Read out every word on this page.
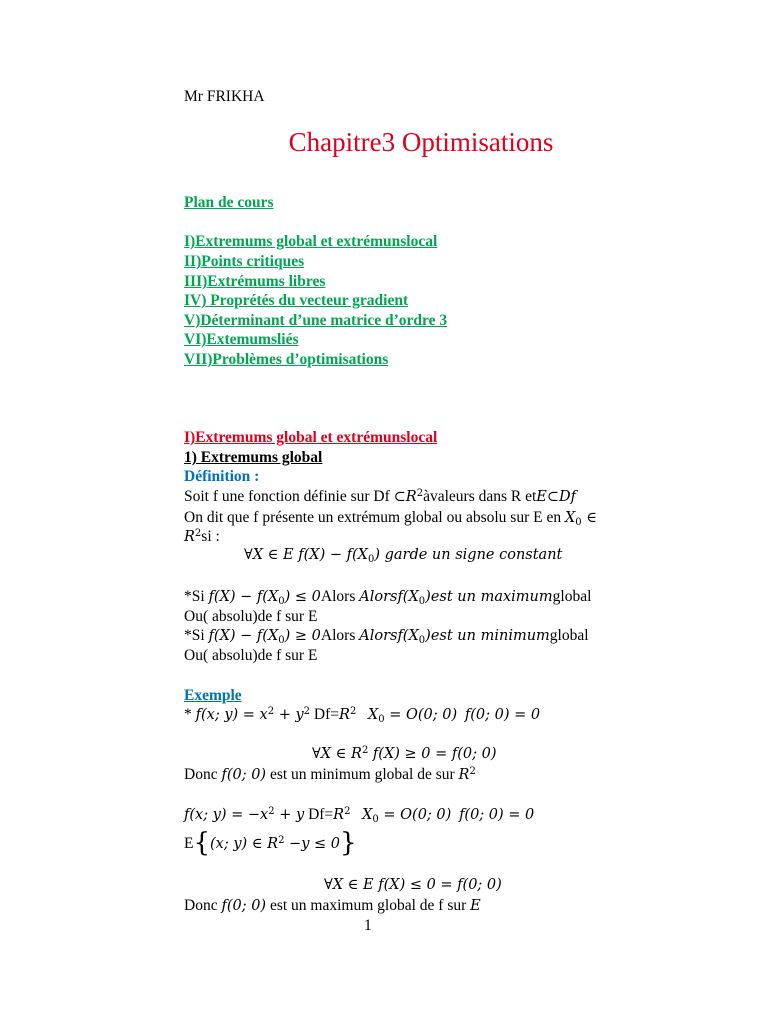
Mr FRIKHA
Chapitre3 Optimisations
Plan de cours
I)Extremums global et extrémunslocal
II)Points critiques
III)Extrémums libres
IV) Proprétés du vecteur gradient
V)Déterminant d’une matrice d’ordre 3
VI)Extemumsliés
VII)Problèmes d’optimisations
I)Extremums global et extrémunslocal
1) Extremums global
Définition :
Soit f une fonction définie sur Df $\subset R^2àvaleurs$ dans R etE⊂Df
On dit que f présente un extrémum global ou absolu sur E en $X_0$ ∈
$R^2si$ :
∀X ∈ E $f(X) - f(X_0)$ garde un signe constant
*Si $f(X) - f(X_0)$ ≤ 0Alors $Alorsf(X_0)est$ un maximumglobal
Ou( absolu)de f sur E
*Si $f(X) - f(X_0)$ ≥ 0Alors $Alorsf(X_0)est$ un minimumglobal
Ou( absolu)de f sur E
Exemple
* f(x; $y) = x^2 + y^2$ $Df=R^2$ $X_0 = O(0$; 0) f(0; 0) = 0
∀X ∈ $R^2$ f(X) ≥ 0 = f(0; 0)
Donc f(0; 0) est un minimum global de sur $R^2$
f(x; $y) = -x^2 + y$ $Df=R^2$ $X_0 = O(0$; 0) f(0; 0) = 0
E{(x; y) ∈ $R^2 -y \le 0$}
∀X ∈ E f(X) ≤ 0 = f(0; 0)
Donc f(0; 0) est un maximum global de f sur E
1
